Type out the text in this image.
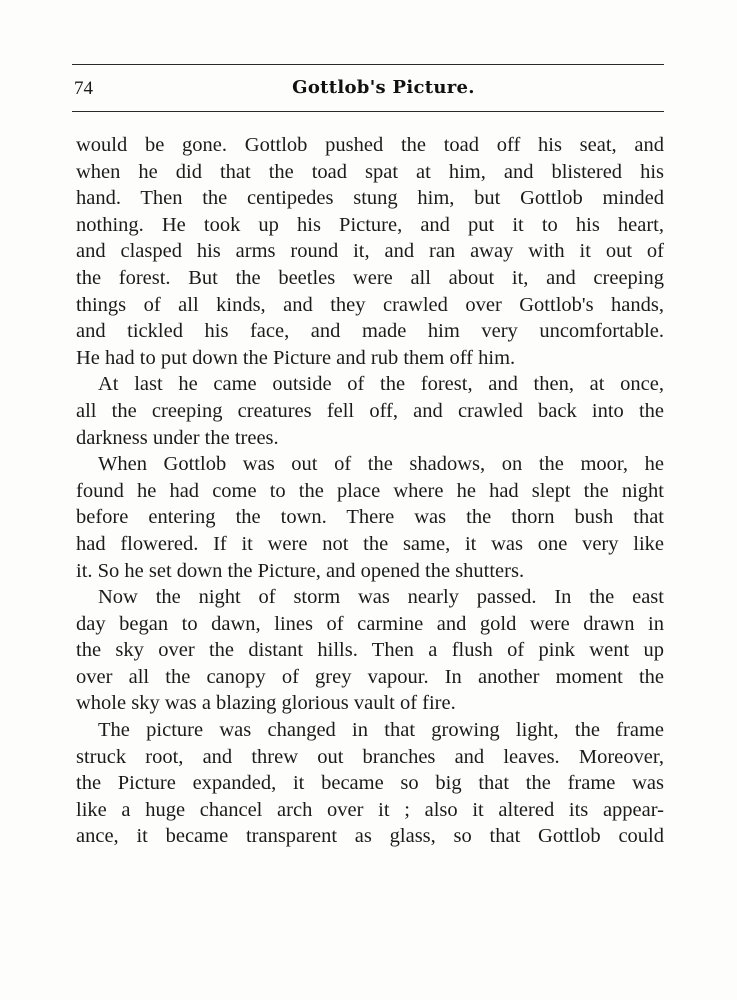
74	Gottlob's Picture.

would be gone. Gottlob pushed the toad off his seat, and
when he did that the toad spat at him, and blistered his
hand. Then the centipedes stung him, but Gottlob minded
nothing. He took up his Picture, and put it to his heart,
and clasped his arms round it, and ran away with it out of
the forest. But the beetles were all about it, and creeping
things of all kinds, and they crawled over Gottlob's hands,
and tickled his face, and made him very uncomfortable.
He had to put down the Picture and rub them off him.

At last he came outside of the forest, and then, at once,
all the creeping creatures fell off, and crawled back into the
darkness under the trees.

When Gottlob was out of the shadows, on the moor, he
found he had come to the place where he had slept the night
before entering the town. There was the thorn bush that
had flowered. If it were not the same, it was one very like
it. So he set down the Picture, and opened the shutters.

Now the night of storm was nearly passed. In the east
day began to dawn, lines of carmine and gold were drawn in
the sky over the distant hills. Then a flush of pink went up
over all the canopy of grey vapour. In another moment the
whole sky was a blazing glorious vault of fire.

The picture was changed in that growing light, the frame
struck root, and threw out branches and leaves. Moreover,
the Picture expanded, it became so big that the frame was
like a huge chancel arch over it ; also it altered its appear-
ance, it became transparent as glass, so that Gottlob could
